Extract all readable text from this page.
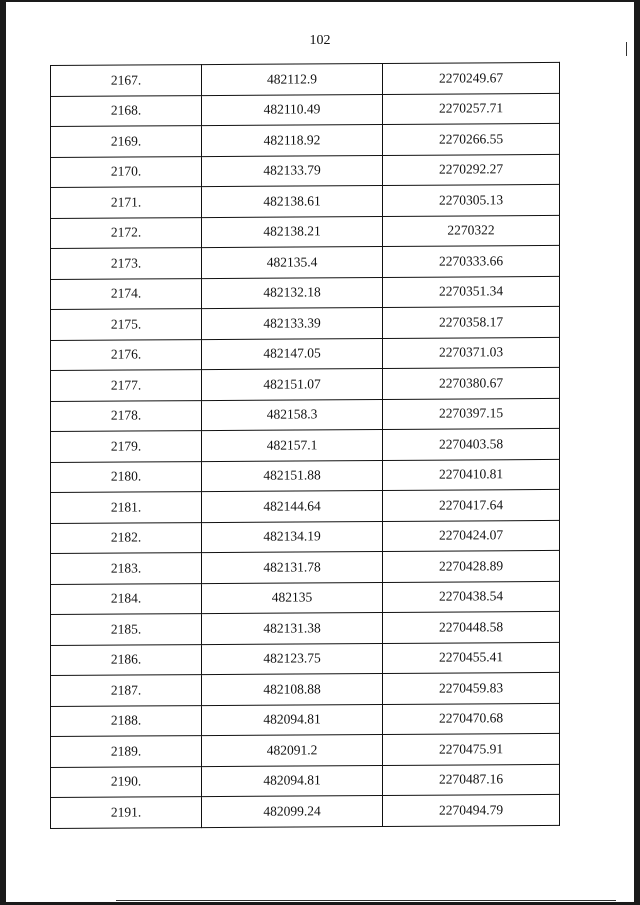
102
2167.	482112.9	2270249.67
2168.	482110.49	2270257.71
2169.	482118.92	2270266.55
2170.	482133.79	2270292.27
2171.	482138.61	2270305.13
2172.	482138.21	2270322
2173.	482135.4	2270333.66
2174.	482132.18	2270351.34
2175.	482133.39	2270358.17
2176.	482147.05	2270371.03
2177.	482151.07	2270380.67
2178.	482158.3	2270397.15
2179.	482157.1	2270403.58
2180.	482151.88	2270410.81
2181.	482144.64	2270417.64
2182.	482134.19	2270424.07
2183.	482131.78	2270428.89
2184.	482135	2270438.54
2185.	482131.38	2270448.58
2186.	482123.75	2270455.41
2187.	482108.88	2270459.83
2188.	482094.81	2270470.68
2189.	482091.2	2270475.91
2190.	482094.81	2270487.16
2191.	482099.24	2270494.79
